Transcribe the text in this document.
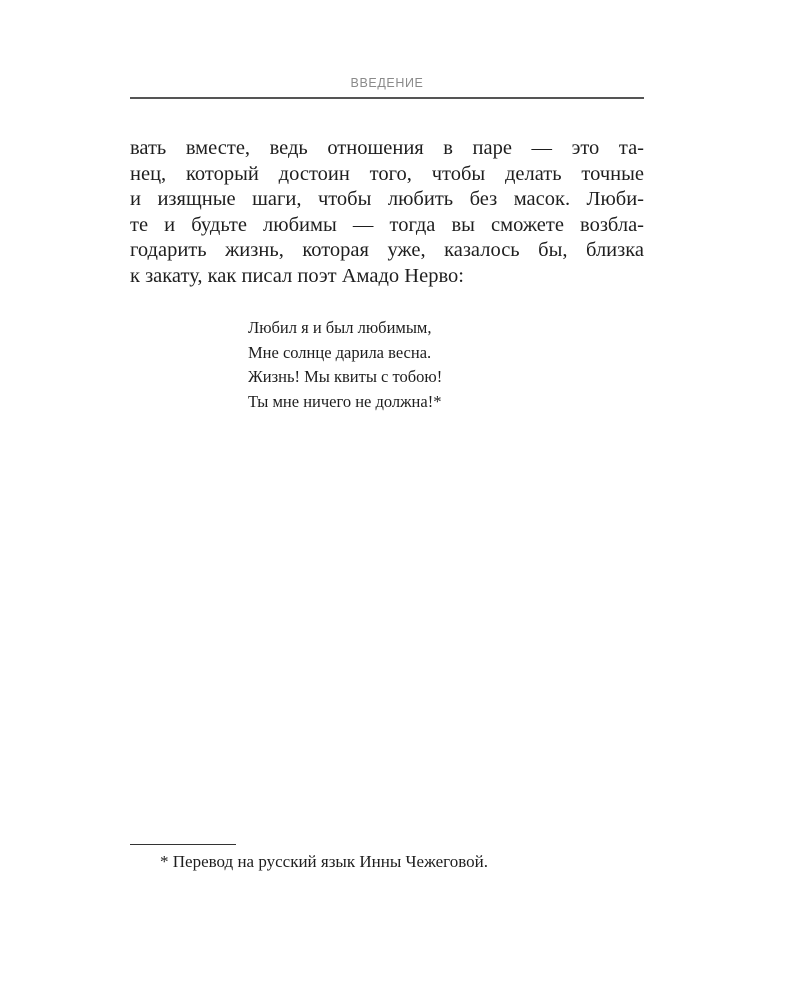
ВВЕДЕНИЕ
вать вместе, ведь отношения в паре — это та-
нец, который достоин того, чтобы делать точные
и изящные шаги, чтобы любить без масок. Люби-
те и будьте любимы — тогда вы сможете возбла-
годарить жизнь, которая уже, казалось бы, близка
к закату, как писал поэт Амадо Нерво:
Любил я и был любимым,
Мне солнце дарила весна.
Жизнь! Мы квиты с тобою!
Ты мне ничего не должна!*
* Перевод на русский язык Инны Чежеговой.
